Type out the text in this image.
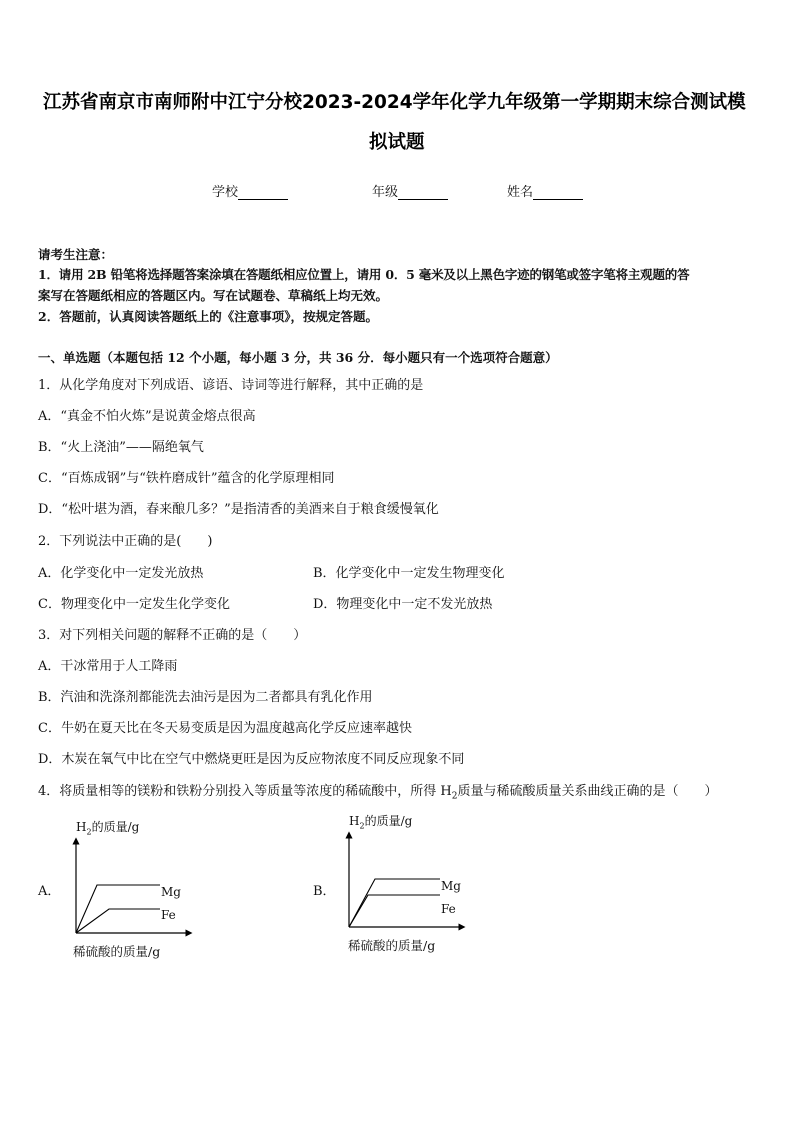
江苏省南京市南师附中江宁分校2023-2024学年化学九年级第一学期期末综合测试模
拟试题
学校	年级	姓名
请考生注意：
1．请用 2B 铅笔将选择题答案涂填在答题纸相应位置上，请用 0．5 毫米及以上黑色字迹的钢笔或签字笔将主观题的答
案写在答题纸相应的答题区内。写在试题卷、草稿纸上均无效。
2．答题前，认真阅读答题纸上的《注意事项》，按规定答题。
一、单选题（本题包括 12 个小题，每小题 3 分，共 36 分．每小题只有一个选项符合题意）
1．从化学角度对下列成语、谚语、诗词等进行解释，其中正确的是
A．“真金不怕火炼”是说黄金熔点很高
B．“火上浇油”——隔绝氧气
C．“百炼成钢”与“铁杵磨成针”蕴含的化学原理相同
D．“松叶堪为酒，春来酿几多？”是指清香的美酒来自于粮食缓慢氧化
2．下列说法中正确的是(　　)
A．化学变化中一定发光放热	B．化学变化中一定发生物理变化
C．物理变化中一定发生化学变化	D．物理变化中一定不发光放热
3．对下列相关问题的解释不正确的是（　　）
A．干冰常用于人工降雨
B．汽油和洗涤剂都能洗去油污是因为二者都具有乳化作用
C．牛奶在夏天比在冬天易变质是因为温度越高化学反应速率越快
D．木炭在氧气中比在空气中燃烧更旺是因为反应物浓度不同反应现象不同
4．将质量相等的镁粉和铁粉分别投入等质量等浓度的稀硫酸中，所得 $H_2$质量与稀硫酸质量关系曲线正确的是（　　）
A．
$H_2$的质量/g
Mg
Fe
稀硫酸的质量/g
B．
$H_2$的质量/g
Mg
Fe
稀硫酸的质量/g
